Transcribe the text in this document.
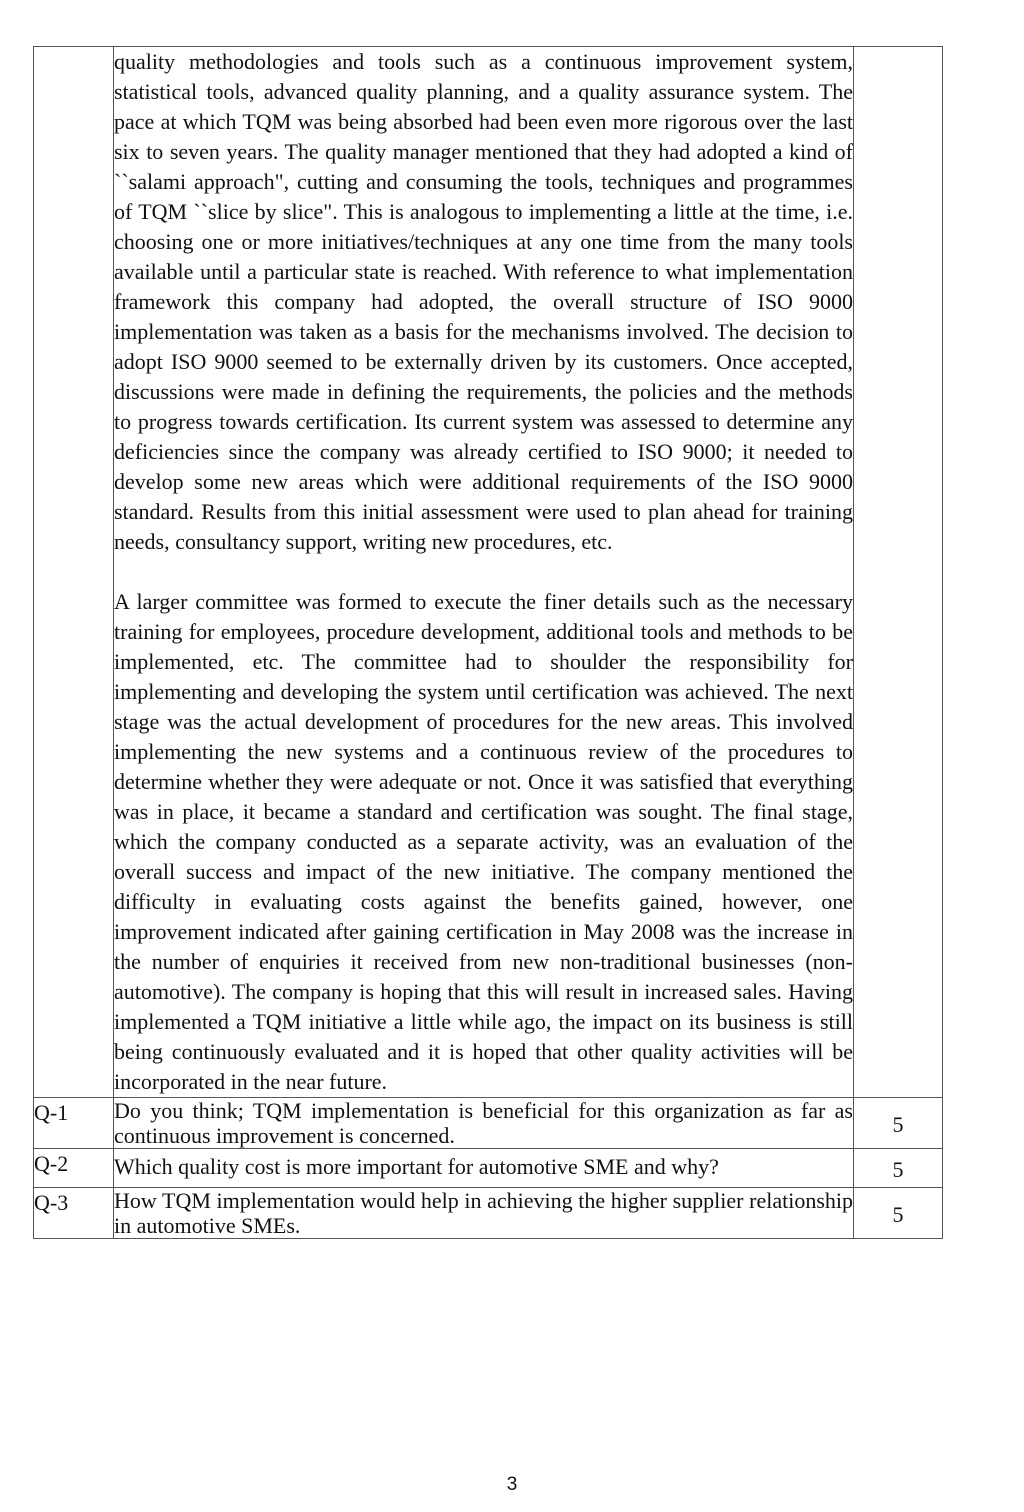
	quality methodologies and tools such as a continuous improvement system, statistical tools, advanced quality planning, and a quality assurance system. The pace at which TQM was being absorbed had been even more rigorous over the last six to seven years. The quality manager mentioned that they had adopted a kind of ``salami approach", cutting and consuming the tools, techniques and programmes of TQM ``slice by slice". This is analogous to implementing a little at the time, i.e. choosing one or more initiatives/techniques at any one time from the many tools available until a particular state is reached. With reference to what implementation framework this company had adopted, the overall structure of ISO 9000 implementation was taken as a basis for the mechanisms involved. The decision to adopt ISO 9000 seemed to be externally driven by its customers. Once accepted, discussions were made in defining the requirements, the policies and the methods to progress towards certification. Its current system was assessed to determine any deficiencies since the company was already certified to ISO 9000; it needed to develop some new areas which were additional requirements of the ISO 9000 standard. Results from this initial assessment were used to plan ahead for training needs, consultancy support, writing new procedures, etc.

A larger committee was formed to execute the finer details such as the necessary training for employees, procedure development, additional tools and methods to be implemented, etc. The committee had to shoulder the responsibility for implementing and developing the system until certification was achieved. The next stage was the actual development of procedures for the new areas. This involved implementing the new systems and a continuous review of the procedures to determine whether they were adequate or not. Once it was satisfied that everything was in place, it became a standard and certification was sought. The final stage, which the company conducted as a separate activity, was an evaluation of the overall success and impact of the new initiative. The company mentioned the difficulty in evaluating costs against the benefits gained, however, one improvement indicated after gaining certification in May 2008 was the increase in the number of enquiries it received from new non-traditional businesses (non-automotive). The company is hoping that this will result in increased sales. Having implemented a TQM initiative a little while ago, the impact on its business is still being continuously evaluated and it is hoped that other quality activities will be incorporated in the near future.	

Q-1	Do you think; TQM implementation is beneficial for this organization as far as continuous improvement is concerned.	5
Q-2	Which quality cost is more important for automotive SME and why?	5
Q-3	How TQM implementation would help in achieving the higher supplier relationship in automotive SMEs.	5
3
